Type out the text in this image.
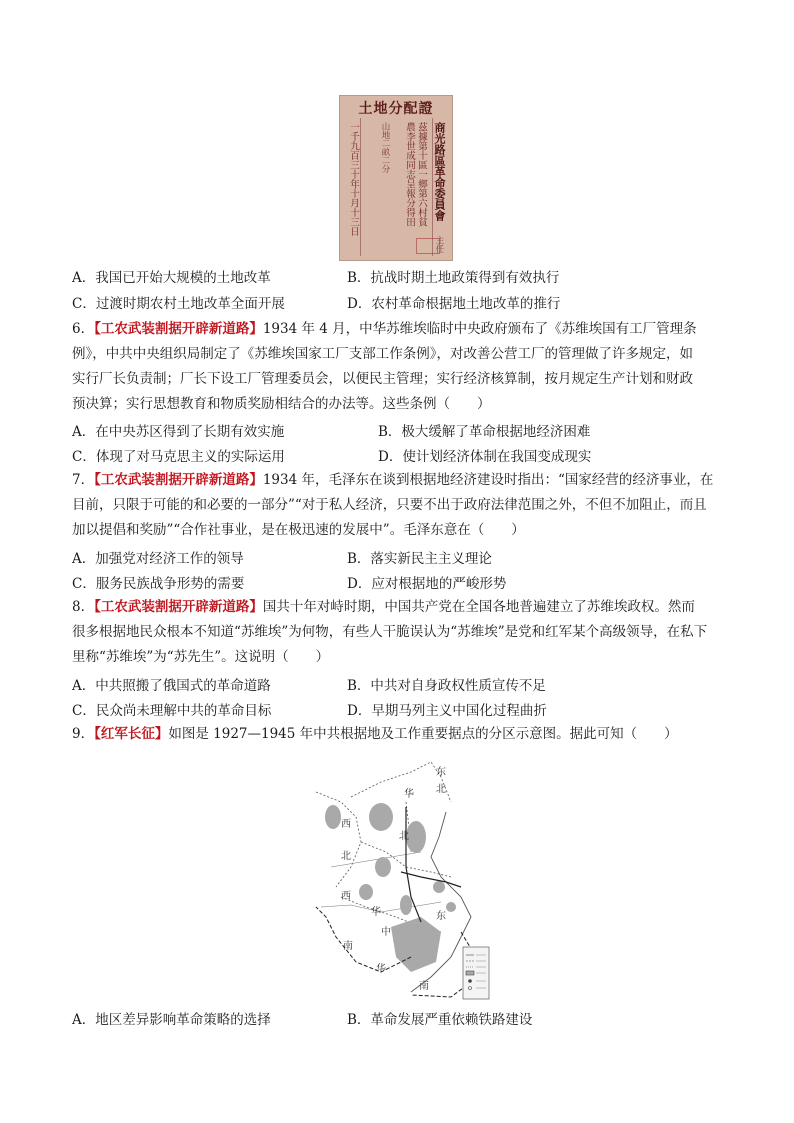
土地分配證
商光路區革命委員會
茲據第十區一鄉第六村貧
農李世成同志呈報分得田
山地二畝二分
一千九百三十年十月十三日
主任
A．我国已开始大规模的土地改革	B．抗战时期土地政策得到有效执行
C．过渡时期农村土地改革全面开展	D．农村革命根据地土地改革的推行
6．【工农武装割据开辟新道路】1934 年 4 月，中华苏维埃临时中央政府颁布了《苏维埃国有工厂管理条
例》，中共中央组织局制定了《苏维埃国家工厂支部工作条例》，对改善公营工厂的管理做了许多规定，如
实行厂长负责制；厂长下设工厂管理委员会，以便民主管理；实行经济核算制，按月规定生产计划和财政
预决算；实行思想教育和物质奖励相结合的办法等。这些条例（　　）
A．在中央苏区得到了长期有效实施	B．极大缓解了革命根据地经济困难
C．体现了对马克思主义的实际运用	D．使计划经济体制在我国变成现实
7．【工农武装割据开辟新道路】1934 年，毛泽东在谈到根据地经济建设时指出：“国家经营的经济事业，在
目前，只限于可能的和必要的一部分”“对于私人经济，只要不出于政府法律范围之外，不但不加阻止，而且
加以提倡和奖励”“合作社事业，是在极迅速的发展中”。毛泽东意在（　　）
A．加强党对经济工作的领导	B．落实新民主主义理论
C．服务民族战争形势的需要	D．应对根据地的严峻形势
8．【工农武装割据开辟新道路】国共十年对峙时期，中国共产党在全国各地普遍建立了苏维埃政权。然而
很多根据地民众根本不知道“苏维埃”为何物，有些人干脆误认为“苏维埃”是党和红军某个高级领导，在私下
里称“苏维埃”为“苏先生”。这说明（　　）
A．中共照搬了俄国式的革命道路	B．中共对自身政权性质宣传不足
C．民众尚未理解中共的革命目标	D．早期马列主义中国化过程曲折
9．【红军长征】如图是 1927—1945 年中共根据地及工作重要据点的分区示意图。据此可知（　　）
东
北
华
西
北
北
西
东
华
中
南
华
南
A．地区差异影响革命策略的选择	B．革命发展严重依赖铁路建设
